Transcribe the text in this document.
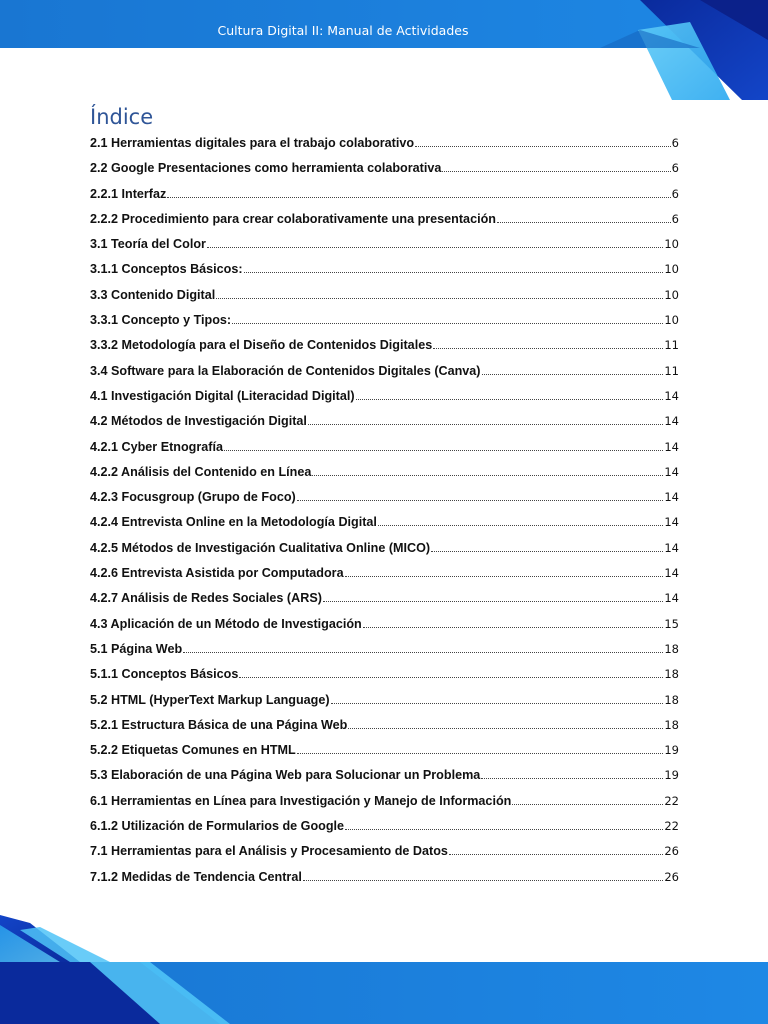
Cultura Digital II: Manual de Actividades
Índice
2.1 Herramientas digitales para el trabajo colaborativo	6
2.2 Google Presentaciones como herramienta colaborativa	6
2.2.1 Interfaz	6
2.2.2 Procedimiento para crear colaborativamente una presentación	6
3.1 Teoría del Color	10
3.1.1 Conceptos Básicos:	10
3.3 Contenido Digital	10
3.3.1 Concepto y Tipos:	10
3.3.2 Metodología para el Diseño de Contenidos Digitales	11
3.4 Software para la Elaboración de Contenidos Digitales (Canva)	11
4.1 Investigación Digital (Literacidad Digital)	14
4.2 Métodos de Investigación Digital	14
4.2.1 Cyber Etnografía	14
4.2.2 Análisis del Contenido en Línea	14
4.2.3 Focusgroup (Grupo de Foco)	14
4.2.4 Entrevista Online en la Metodología Digital	14
4.2.5 Métodos de Investigación Cualitativa Online (MICO)	14
4.2.6 Entrevista Asistida por Computadora	14
4.2.7 Análisis de Redes Sociales (ARS)	14
4.3 Aplicación de un Método de Investigación	15
5.1 Página Web	18
5.1.1 Conceptos Básicos	18
5.2 HTML (HyperText Markup Language)	18
5.2.1 Estructura Básica de una Página Web	18
5.2.2 Etiquetas Comunes en HTML	19
5.3 Elaboración de una Página Web para Solucionar un Problema	19
6.1 Herramientas en Línea para Investigación y Manejo de Información	22
6.1.2 Utilización de Formularios de Google	22
7.1 Herramientas para el Análisis y Procesamiento de Datos	26
7.1.2 Medidas de Tendencia Central	26
